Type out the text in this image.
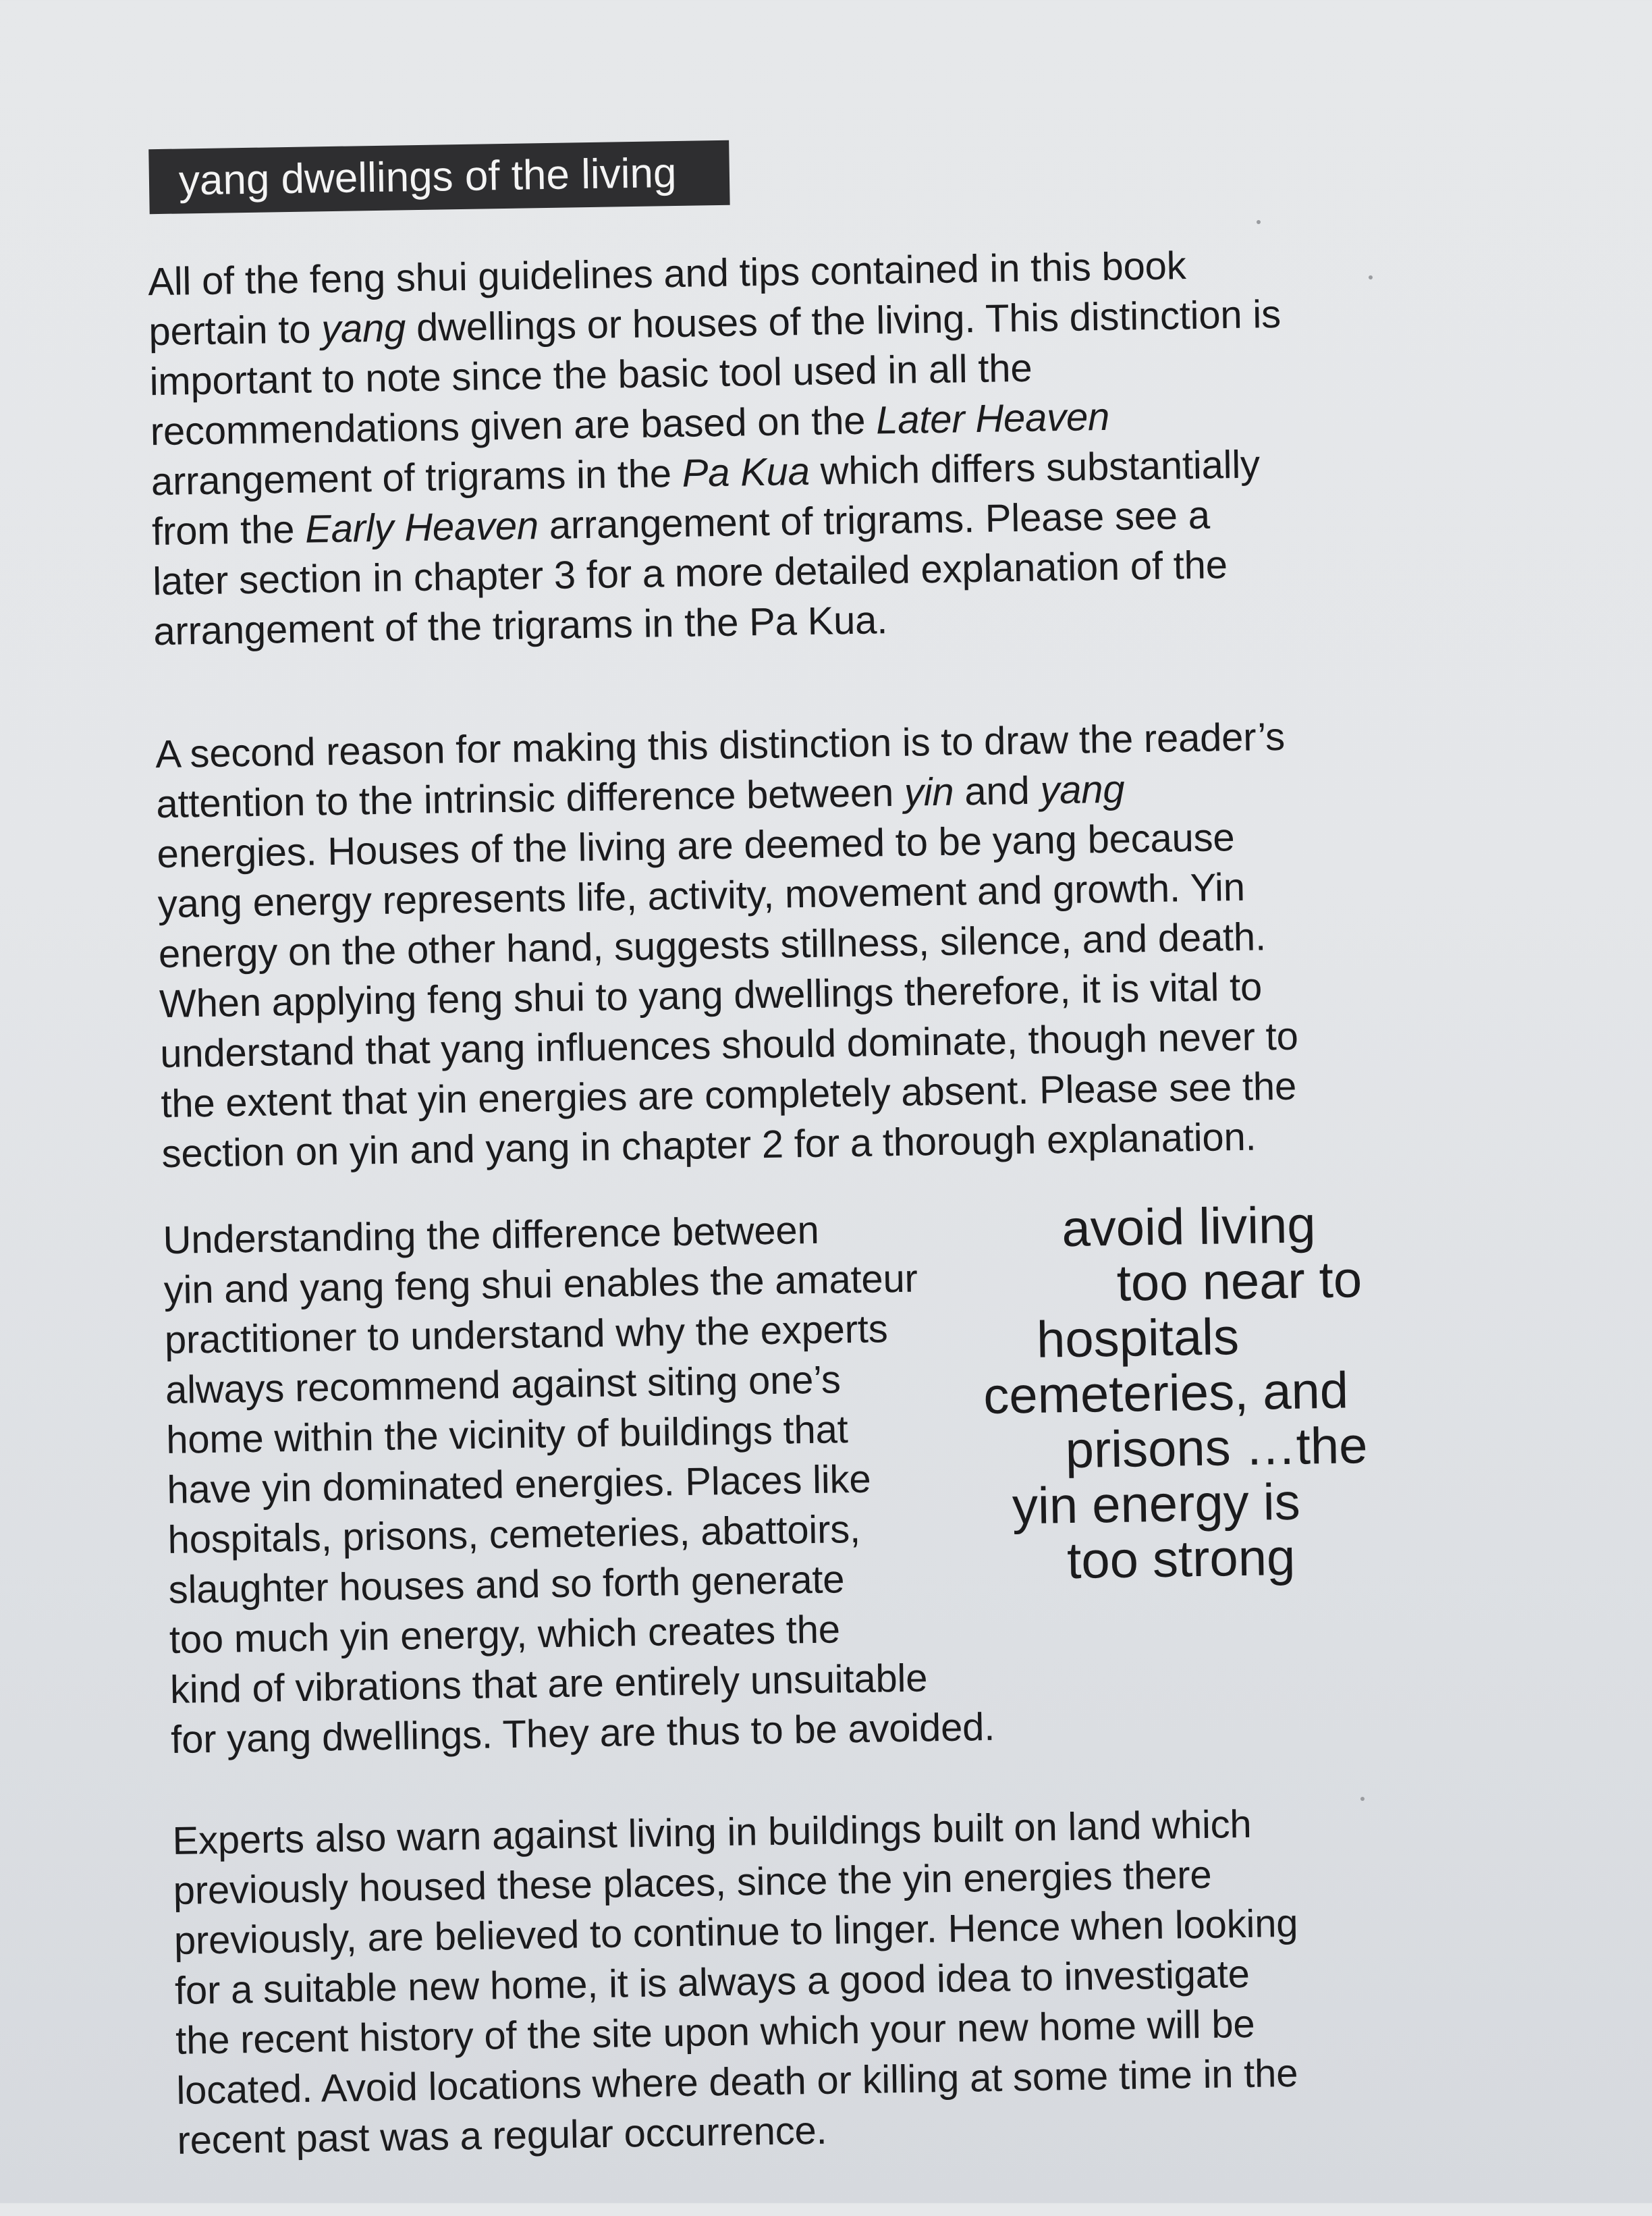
yang dwellings of the living
All of the feng shui guidelines and tips contained in this book
pertain to yang dwellings or houses of the living. This distinction is
important to note since the basic tool used in all the
recommendations given are based on the Later Heaven
arrangement of trigrams in the Pa Kua which differs substantially
from the Early Heaven arrangement of trigrams. Please see a
later section in chapter 3 for a more detailed explanation of the
arrangement of the trigrams in the Pa Kua.
A second reason for making this distinction is to draw the reader’s
attention to the intrinsic difference between yin and yang
energies. Houses of the living are deemed to be yang because
yang energy represents life, activity, movement and growth. Yin
energy on the other hand, suggests stillness, silence, and death.
When applying feng shui to yang dwellings therefore, it is vital to
understand that yang influences should dominate, though never to
the extent that yin energies are completely absent. Please see the
section on yin and yang in chapter 2 for a thorough explanation.
Understanding the difference between
yin and yang feng shui enables the amateur
practitioner to understand why the experts
always recommend against siting one’s
home within the vicinity of buildings that
have yin dominated energies. Places like
hospitals, prisons, cemeteries, abattoirs,
slaughter houses and so forth generate
too much yin energy, which creates the
kind of vibrations that are entirely unsuitable
for yang dwellings. They are thus to be avoided.
Experts also warn against living in buildings built on land which
previously housed these places, since the yin energies there
previously, are believed to continue to linger. Hence when looking
for a suitable new home, it is always a good idea to investigate
the recent history of the site upon which your new home will be
located. Avoid locations where death or killing at some time in the
recent past was a regular occurrence.
avoid living
too near to
hospitals
cemeteries, and
prisons …the
yin energy is
too strong
